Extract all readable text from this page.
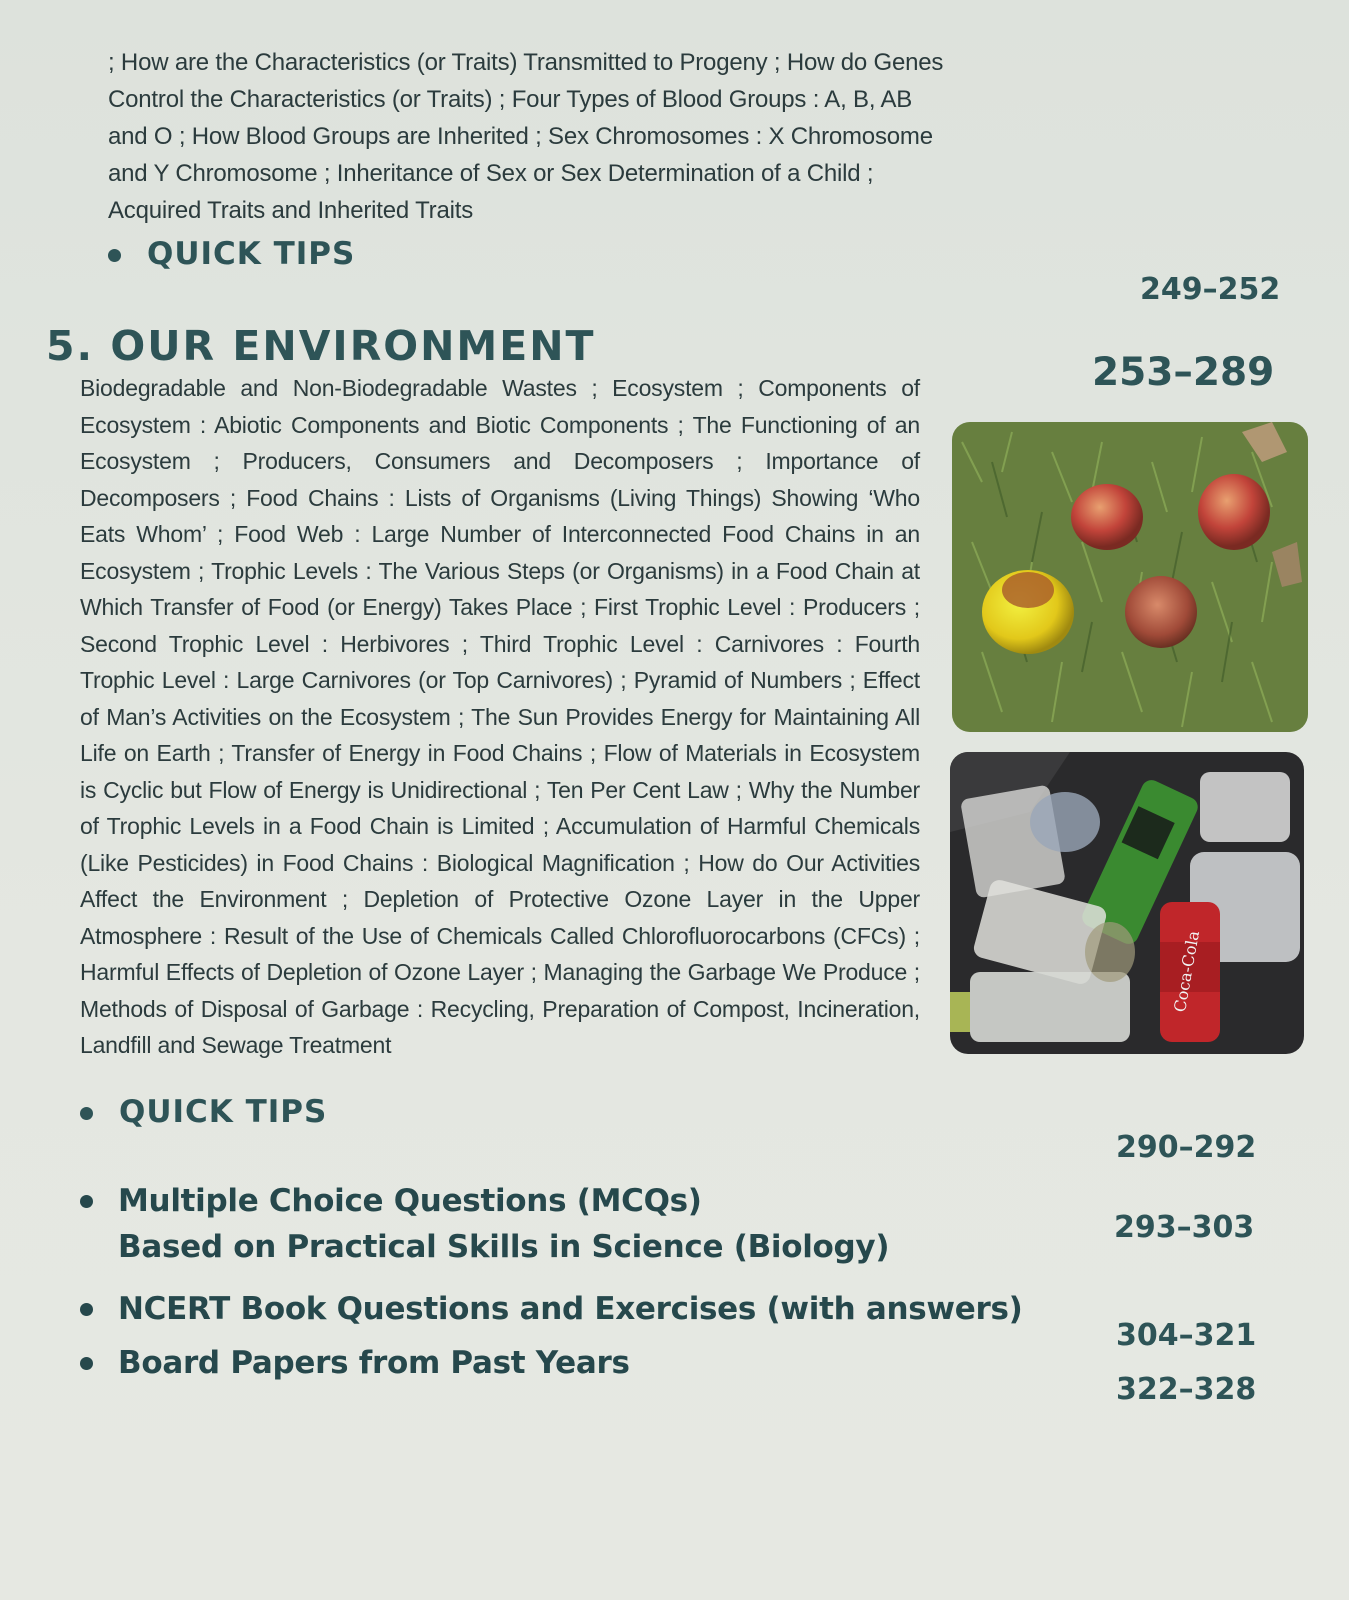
; How are the Characteristics (or Traits) Transmitted to Progeny ; How do Genes Control the Characteristics (or Traits) ; Four Types of Blood Groups : A, B, AB and O ; How Blood Groups are Inherited ; Sex Chromosomes : X Chromosome and Y Chromosome ; Inheritance of Sex or Sex Determination of a Child ; Acquired Traits and Inherited Traits
QUICK TIPS
249–252
5. OUR ENVIRONMENT
253–289
Biodegradable and Non-Biodegradable Wastes ; Ecosystem ; Components of Ecosystem : Abiotic Components and Biotic Components ; The Functioning of an Ecosystem ; Producers, Consumers and Decomposers ; Importance of Decomposers ; Food Chains : Lists of Organisms (Living Things) Showing ‘Who Eats Whom’ ; Food Web : Large Number of Interconnected Food Chains in an Ecosystem ; Trophic Levels : The Various Steps (or Organisms) in a Food Chain at Which Transfer of Food (or Energy) Takes Place ; First Trophic Level : Producers ; Second Trophic Level : Herbivores ; Third Trophic Level : Carnivores : Fourth Trophic Level : Large Carnivores (or Top Carnivores) ; Pyramid of Numbers ; Effect of Man’s Activities on the Ecosystem ; The Sun Provides Energy for Maintaining All Life on Earth ; Transfer of Energy in Food Chains ; Flow of Materials in Ecosystem is Cyclic but Flow of Energy is Unidirectional ; Ten Per Cent Law ; Why the Number of Trophic Levels in a Food Chain is Limited ; Accumulation of Harmful Chemicals (Like Pesticides) in Food Chains : Biological Magnification ; How do Our Activities Affect the Environment ; Depletion of Protective Ozone Layer in the Upper Atmosphere : Result of the Use of Chemicals Called Chlorofluorocarbons (CFCs) ; Harmful Effects of Depletion of Ozone Layer ; Managing the Garbage We Produce ; Methods of Disposal of Garbage : Recycling, Preparation of Compost, Incineration, Landfill and Sewage Treatment
Coca-Cola
QUICK TIPS
290–292
Multiple Choice Questions (MCQs)
Based on Practical Skills in Science (Biology)
293–303
NCERT Book Questions and Exercises (with answers)
304–321
Board Papers from Past Years
322–328
